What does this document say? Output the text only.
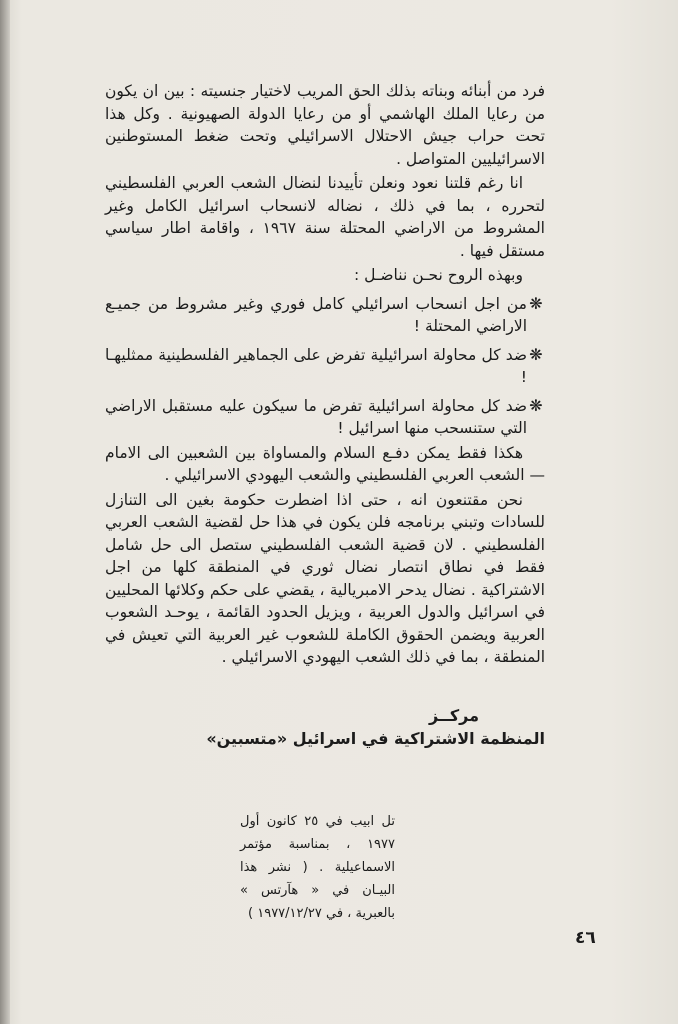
فرد من أبنائه وبناته بذلك الحق المريب لاختيار جنسيته : بين ان يكون من رعايا الملك الهاشمي أو من رعايا الدولة الصهيونية . وكل هذا تحت حراب جيش الاحتلال الاسرائيلي وتحت ضغط المستوطنين الاسرائيليين المتواصل .

انا رغم قلتنا نعود ونعلن تأييدنا لنضال الشعب العربي الفلسطيني لتحرره ، بما في ذلك ، نضاله لانسحاب اسرائيل الكامل وغير المشروط من الاراضي المحتلة سنة ١٩٦٧ ، واقامة اطار سياسي مستقل فيها .

وبهذه الروح نحـن نناضـل :

❋
من اجل انسحاب اسرائيلي كامل فوري وغير مشروط من جميـع الاراضي المحتلة !
❋
ضد كل محاولة اسرائيلية تفرض على الجماهير الفلسطينية ممثليهـا !
❋
ضد كل محاولة اسرائيلية تفرض ما سيكون عليه مستقبل الاراضي التي ستنسحب منها اسرائيل !

هكذا فقط يمكن دفـع السلام والمساواة بين الشعبين الى الامام — الشعب العربي الفلسطيني والشعب اليهودي الاسرائيلي .

نحن مقتنعون انه ، حتى اذا اضطرت حكومة بغين الى التنازل للسادات وتبني برنامجه فلن يكون في هذا حل لقضية الشعب العربي الفلسطيني . لان قضية الشعب الفلسطيني ستصل الى حل شامل فقط في نطاق انتصار نضال ثوري في المنطقة كلها من اجل الاشتراكية . نضال يدحر الامبريالية ، يقضي على حكم وكلائها المحليين في اسرائيل والدول العربية ، ويزيل الحدود القائمة ، يوحـد الشعوب العربية ويضمن الحقوق الكاملة للشعوب غير العربية التي تعيش في المنطقة ، بما في ذلك الشعب اليهودي الاسرائيلي .

مركــز
المنظمة الاشتراكية في اسرائيل «متسبين»
تل ابيب في ٢٥ كانون أول ١٩٧٧ ، بمناسبة مؤتمر الاسماعيلية . ( نشر هذا البيـان في « هآرتس » بالعبرية ، في ١٩٧٧/١٢/٢٧ )
٤٦
